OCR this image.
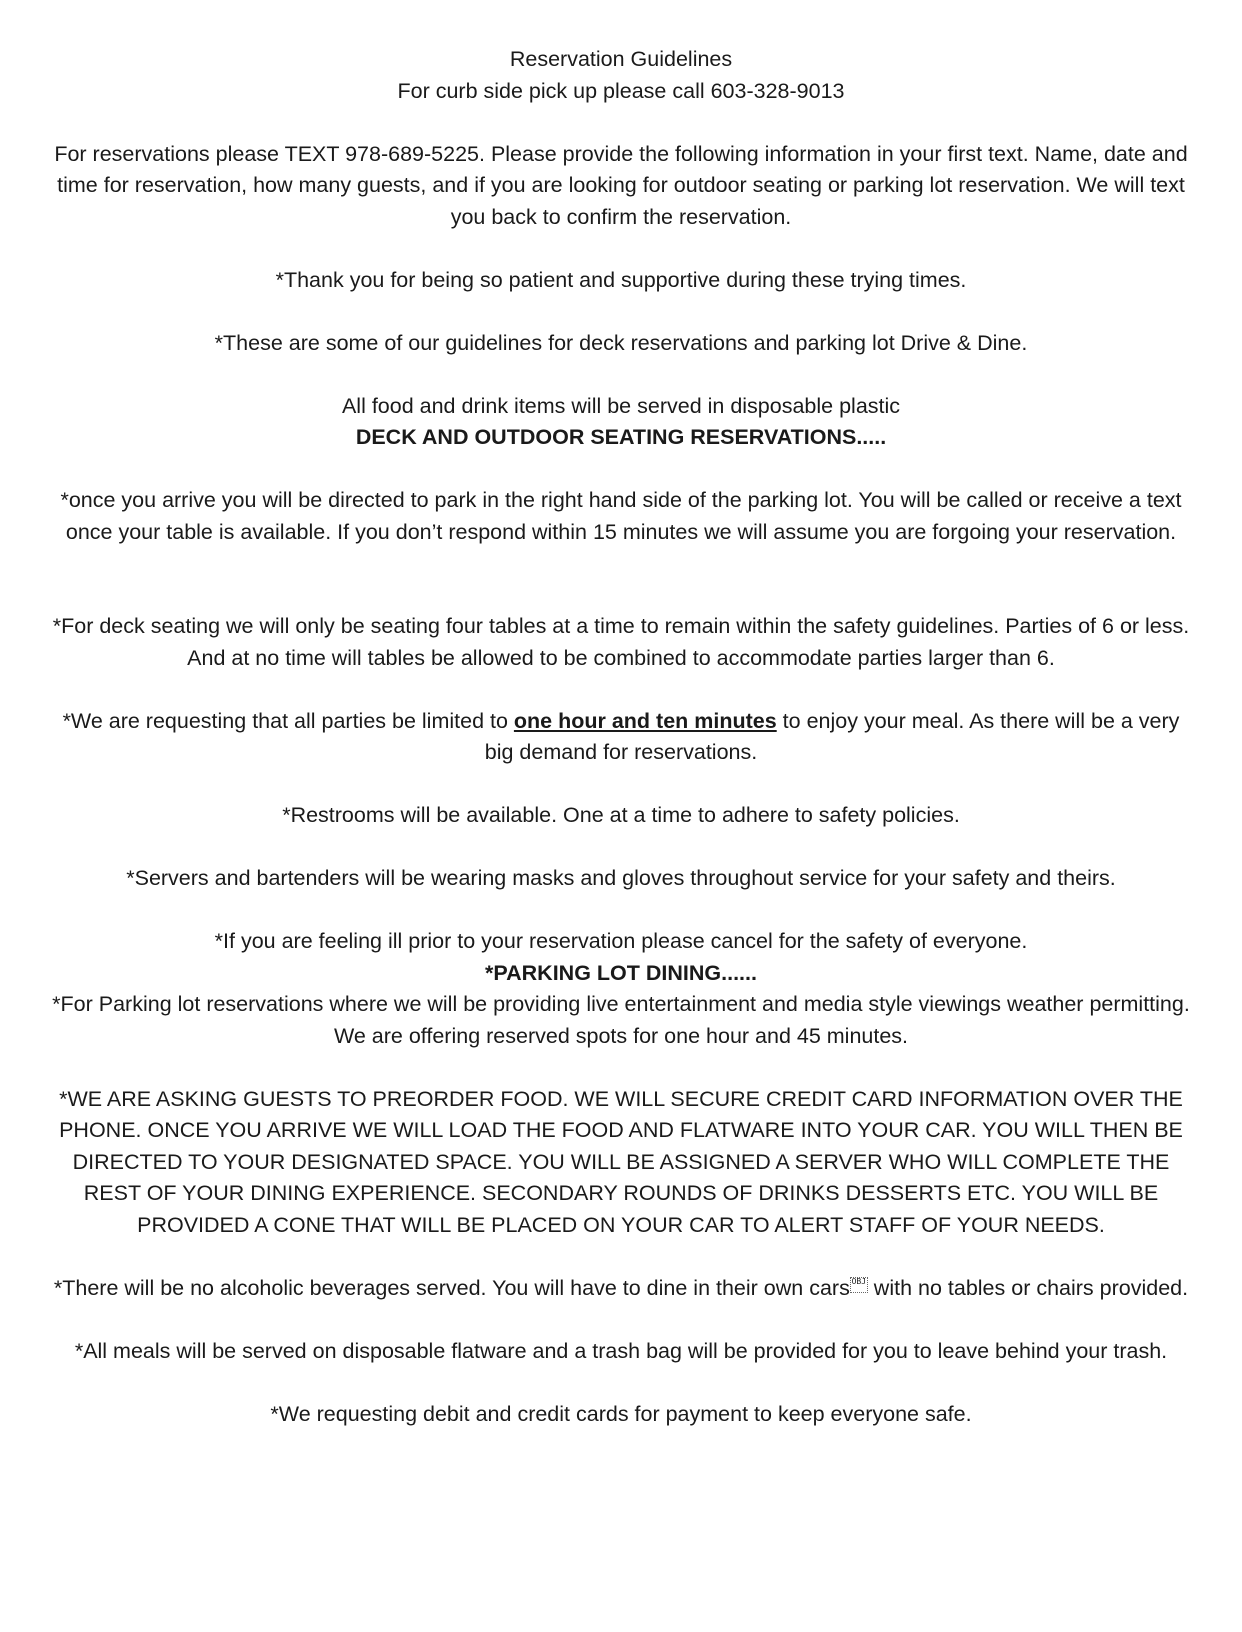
Reservation Guidelines

For curb side pick up please call 603-328-9013

For reservations please TEXT 978-689-5225. Please provide the following information in your first text. Name, date and time for reservation, how many guests, and if you are looking for outdoor seating or parking lot reservation. We will text you back to confirm the reservation.

*Thank you for being so patient and supportive during these trying times.

*These are some of our guidelines for deck reservations and parking lot Drive & Dine.

All food and drink items will be served in disposable plastic

DECK AND OUTDOOR SEATING RESERVATIONS.....

*once you arrive you will be directed to park in the right hand side of the parking lot. You will be called or receive a text once your table is available. If you don’t respond within 15 minutes we will assume you are forgoing your reservation.

*For deck seating we will only be seating four tables at a time to remain within the safety guidelines. Parties of 6 or less. And at no time will tables be allowed to be combined to accommodate parties larger than 6.

*We are requesting that all parties be limited to one hour and ten minutes to enjoy your meal. As there will be a very big demand for reservations.

*Restrooms will be available. One at a time to adhere to safety policies.

*Servers and bartenders will be wearing masks and gloves throughout service for your safety and theirs.

*If you are feeling ill prior to your reservation please cancel for the safety of everyone.

*PARKING LOT DINING......

*For Parking lot reservations where we will be providing live entertainment and media style viewings weather permitting. We are offering reserved spots for one hour and 45 minutes.

*WE ARE ASKING GUESTS TO PREORDER FOOD. WE WILL SECURE CREDIT CARD INFORMATION OVER THE PHONE. ONCE YOU ARRIVE WE WILL LOAD THE FOOD AND FLATWARE INTO YOUR CAR. YOU WILL THEN BE DIRECTED TO YOUR DESIGNATED SPACE. YOU WILL BE ASSIGNED A SERVER WHO WILL COMPLETE THE REST OF YOUR DINING EXPERIENCE. SECONDARY ROUNDS OF DRINKS DESSERTS ETC. YOU WILL BE PROVIDED A CONE THAT WILL BE PLACED ON YOUR CAR TO ALERT STAFF OF YOUR NEEDS.

*There will be no alcoholic beverages served. You will have to dine in their own cars OBJ with no tables or chairs provided.

*All meals will be served on disposable flatware and a trash bag will be provided for you to leave behind your trash.

*We requesting debit and credit cards for payment to keep everyone safe.
